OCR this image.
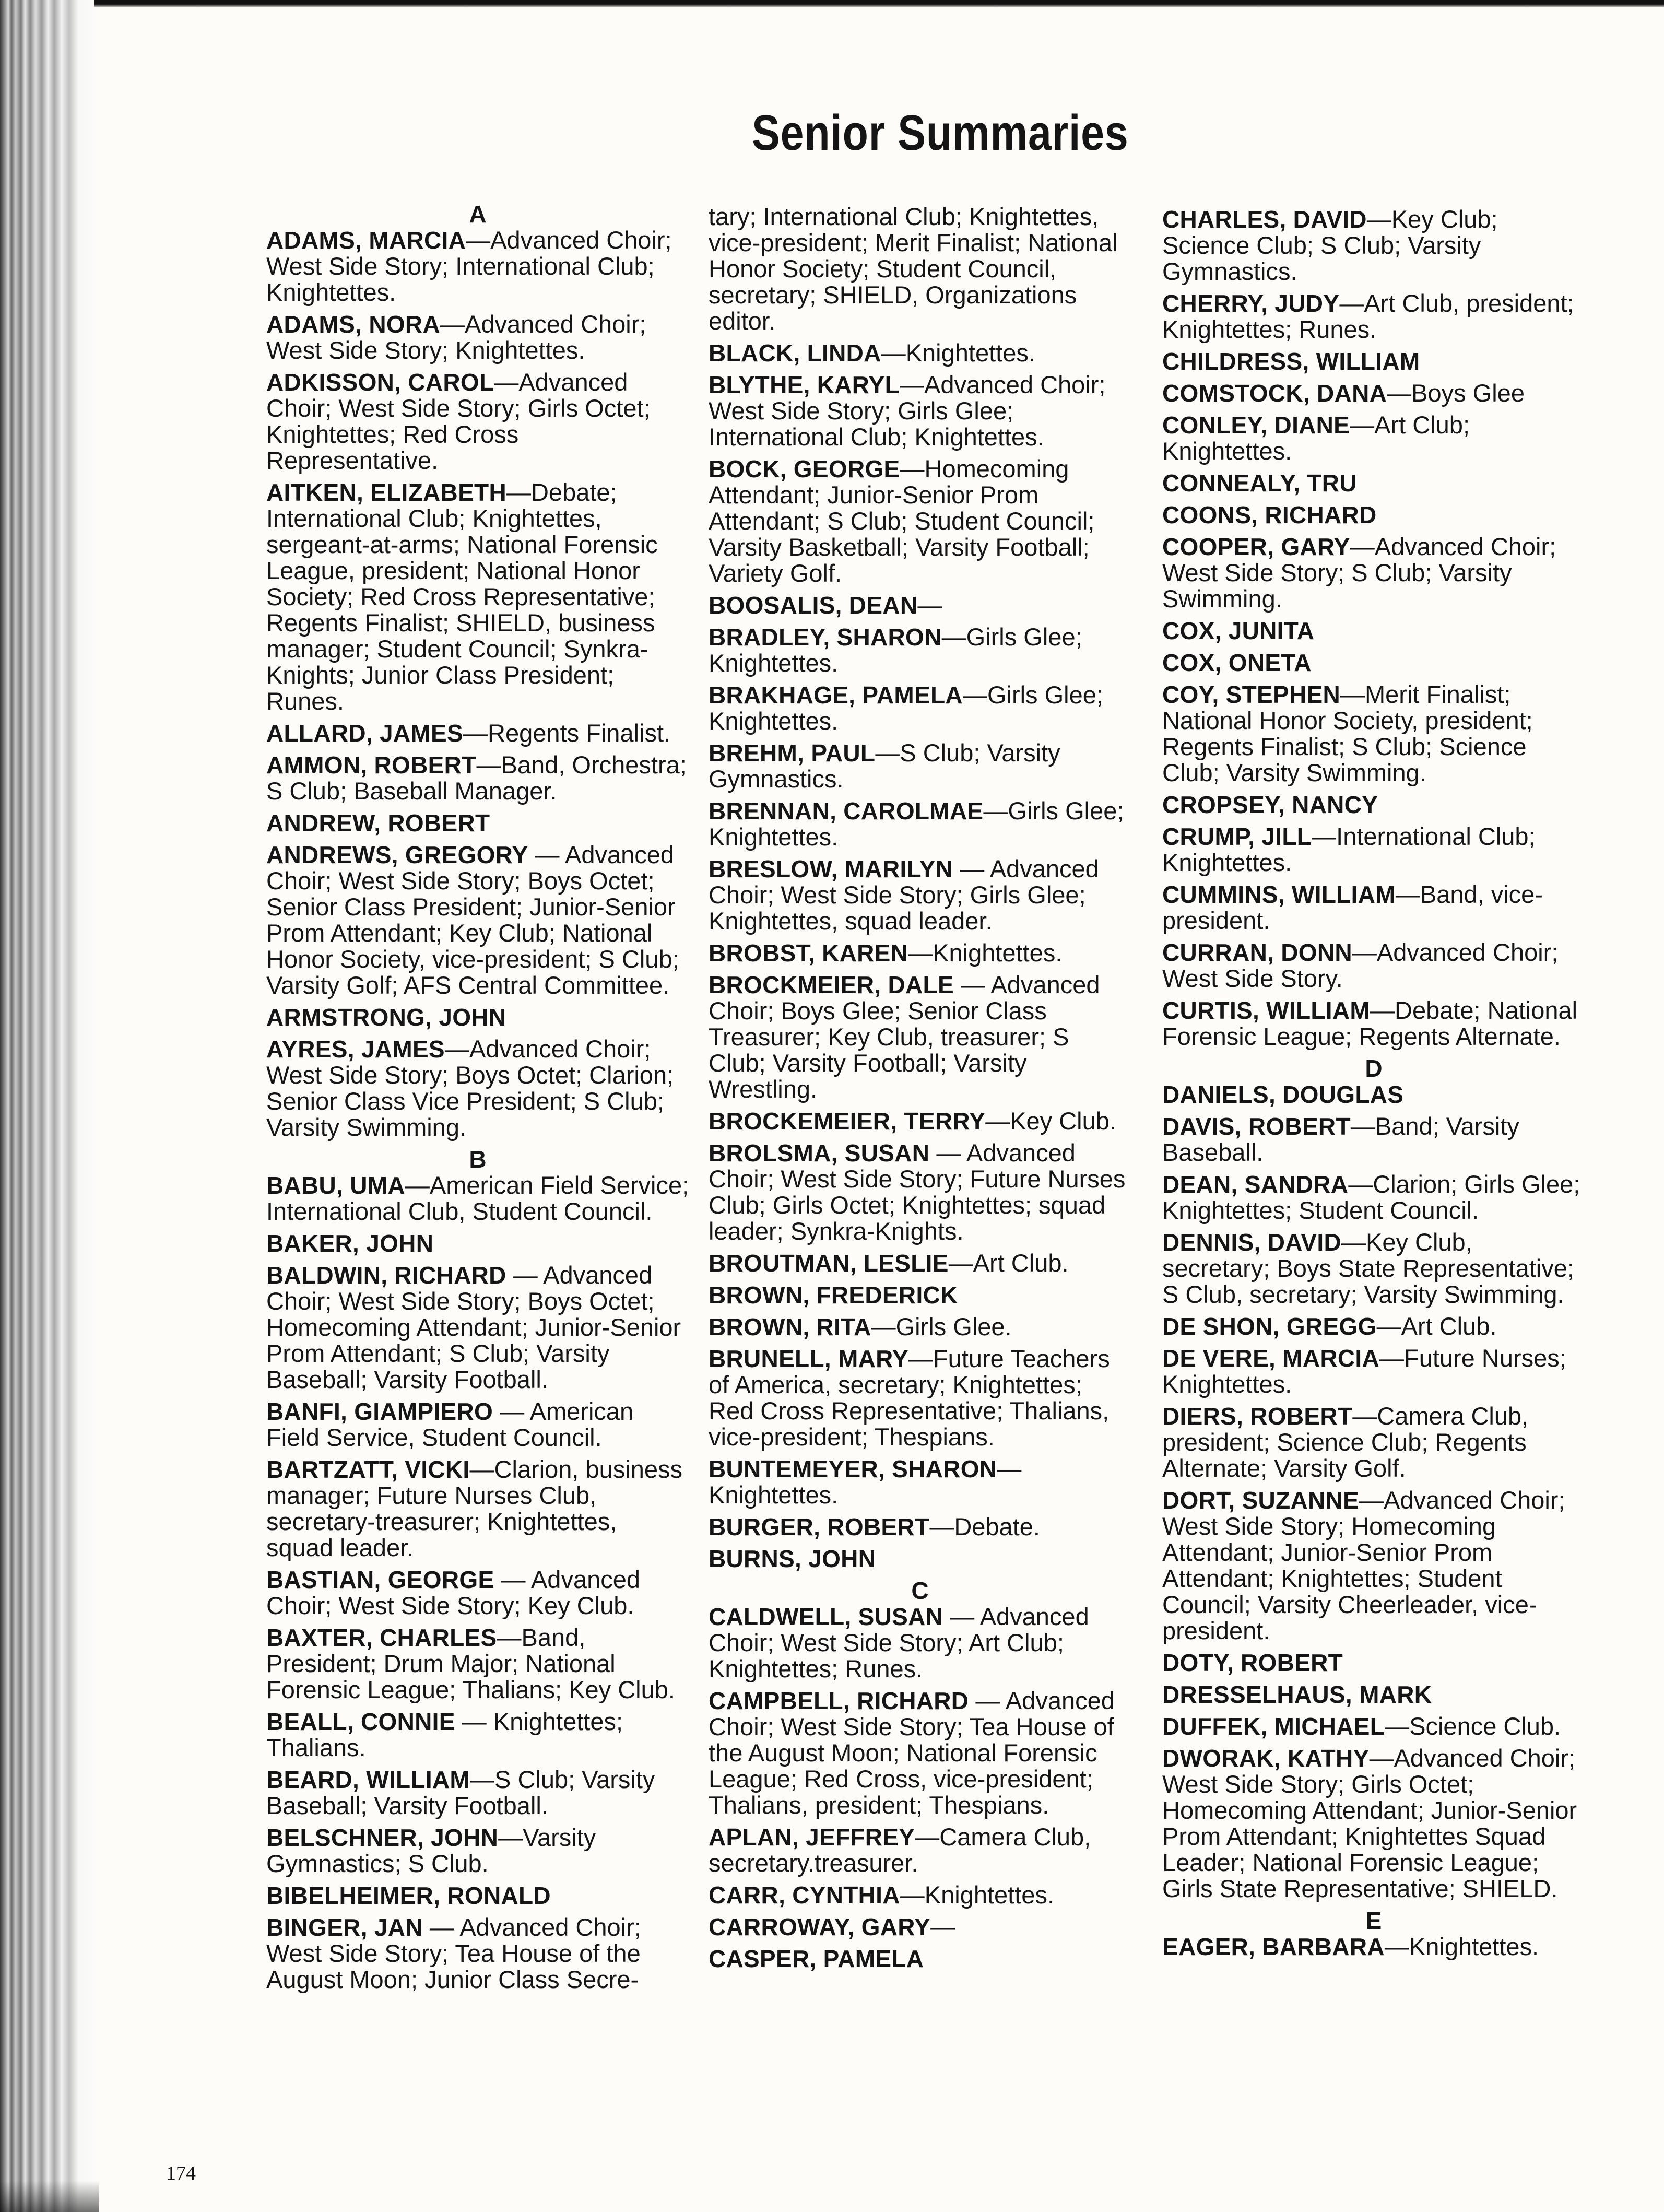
Senior Summaries

A

ADAMS, MARCIA—Advanced Choir; West Side Story; International Club; Knightettes.

ADAMS, NORA—Advanced Choir; West Side Story; Knightettes.

ADKISSON, CAROL—Advanced Choir; West Side Story; Girls Octet; Knightettes; Red Cross Representative.

AITKEN, ELIZABETH—Debate; International Club; Knightettes, sergeant-at-arms; National Forensic League, president; National Honor Society; Red Cross Representative; Regents Finalist; SHIELD, business manager; Student Council; Synkra-Knights; Junior Class President; Runes.

ALLARD, JAMES—Regents Finalist.

AMMON, ROBERT—Band, Orchestra; S Club; Baseball Manager.

ANDREW, ROBERT

ANDREWS, GREGORY — Advanced Choir; West Side Story; Boys Octet; Senior Class President; Junior-Senior Prom Attendant; Key Club; National Honor Society, vice-president; S Club; Varsity Golf; AFS Central Committee.

ARMSTRONG, JOHN

AYRES, JAMES—Advanced Choir; West Side Story; Boys Octet; Clarion; Senior Class Vice President; S Club; Varsity Swimming.

B

BABU, UMA—American Field Service; International Club, Student Council.

BAKER, JOHN

BALDWIN, RICHARD — Advanced Choir; West Side Story; Boys Octet; Homecoming Attendant; Junior-Senior Prom Attendant; S Club; Varsity Baseball; Varsity Football.

BANFI, GIAMPIERO — American Field Service, Student Council.

BARTZATT, VICKI—Clarion, business manager; Future Nurses Club, secretary-treasurer; Knightettes, squad leader.

BASTIAN, GEORGE — Advanced Choir; West Side Story; Key Club.

BAXTER, CHARLES—Band, President; Drum Major; National Forensic League; Thalians; Key Club.

BEALL, CONNIE — Knightettes; Thalians.

BEARD, WILLIAM—S Club; Varsity Baseball; Varsity Football.

BELSCHNER, JOHN—Varsity Gymnastics; S Club.

BIBELHEIMER, RONALD

BINGER, JAN — Advanced Choir; West Side Story; Tea House of the August Moon; Junior Class Secre-

tary; International Club; Knightettes, vice-president; Merit Finalist; National Honor Society; Student Council, secretary; SHIELD, Organizations editor.

BLACK, LINDA—Knightettes.

BLYTHE, KARYL—Advanced Choir; West Side Story; Girls Glee; International Club; Knightettes.

BOCK, GEORGE—Homecoming Attendant; Junior-Senior Prom Attendant; S Club; Student Council; Varsity Basketball; Varsity Football; Variety Golf.

BOOSALIS, DEAN—

BRADLEY, SHARON—Girls Glee; Knightettes.

BRAKHAGE, PAMELA—Girls Glee; Knightettes.

BREHM, PAUL—S Club; Varsity Gymnastics.

BRENNAN, CAROLMAE—Girls Glee; Knightettes.

BRESLOW, MARILYN — Advanced Choir; West Side Story; Girls Glee; Knightettes, squad leader.

BROBST, KAREN—Knightettes.

BROCKMEIER, DALE — Advanced Choir; Boys Glee; Senior Class Treasurer; Key Club, treasurer; S Club; Varsity Football; Varsity Wrestling.

BROCKEMEIER, TERRY—Key Club.

BROLSMA, SUSAN — Advanced Choir; West Side Story; Future Nurses Club; Girls Octet; Knightettes; squad leader; Synkra-Knights.

BROUTMAN, LESLIE—Art Club.

BROWN, FREDERICK

BROWN, RITA—Girls Glee.

BRUNELL, MARY—Future Teachers of America, secretary; Knightettes; Red Cross Representative; Thalians, vice-president; Thespians.

BUNTEMEYER, SHARON—Knightettes.

BURGER, ROBERT—Debate.

BURNS, JOHN

C

CALDWELL, SUSAN — Advanced Choir; West Side Story; Art Club; Knightettes; Runes.

CAMPBELL, RICHARD — Advanced Choir; West Side Story; Tea House of the August Moon; National Forensic League; Red Cross, vice-president; Thalians, president; Thespians.

APLAN, JEFFREY—Camera Club, secretary.treasurer.

CARR, CYNTHIA—Knightettes.

CARROWAY, GARY—

CASPER, PAMELA

CHARLES, DAVID—Key Club; Science Club; S Club; Varsity Gymnastics.

CHERRY, JUDY—Art Club, president; Knightettes; Runes.

CHILDRESS, WILLIAM

COMSTOCK, DANA—Boys Glee

CONLEY, DIANE—Art Club; Knightettes.

CONNEALY, TRU

COONS, RICHARD

COOPER, GARY—Advanced Choir; West Side Story; S Club; Varsity Swimming.

COX, JUNITA

COX, ONETA

COY, STEPHEN—Merit Finalist; National Honor Society, president; Regents Finalist; S Club; Science Club; Varsity Swimming.

CROPSEY, NANCY

CRUMP, JILL—International Club; Knightettes.

CUMMINS, WILLIAM—Band, vice-president.

CURRAN, DONN—Advanced Choir; West Side Story.

CURTIS, WILLIAM—Debate; National Forensic League; Regents Alternate.

D

DANIELS, DOUGLAS

DAVIS, ROBERT—Band; Varsity Baseball.

DEAN, SANDRA—Clarion; Girls Glee; Knightettes; Student Council.

DENNIS, DAVID—Key Club, secretary; Boys State Representative; S Club, secretary; Varsity Swimming.

DE SHON, GREGG—Art Club.

DE VERE, MARCIA—Future Nurses; Knightettes.

DIERS, ROBERT—Camera Club, president; Science Club; Regents Alternate; Varsity Golf.

DORT, SUZANNE—Advanced Choir; West Side Story; Homecoming Attendant; Junior-Senior Prom Attendant; Knightettes; Student Council; Varsity Cheerleader, vice-president.

DOTY, ROBERT

DRESSELHAUS, MARK

DUFFEK, MICHAEL—Science Club.

DWORAK, KATHY—Advanced Choir; West Side Story; Girls Octet; Homecoming Attendant; Junior-Senior Prom Attendant; Knightettes Squad Leader; National Forensic League; Girls State Representative; SHIELD.

E

EAGER, BARBARA—Knightettes.

174
